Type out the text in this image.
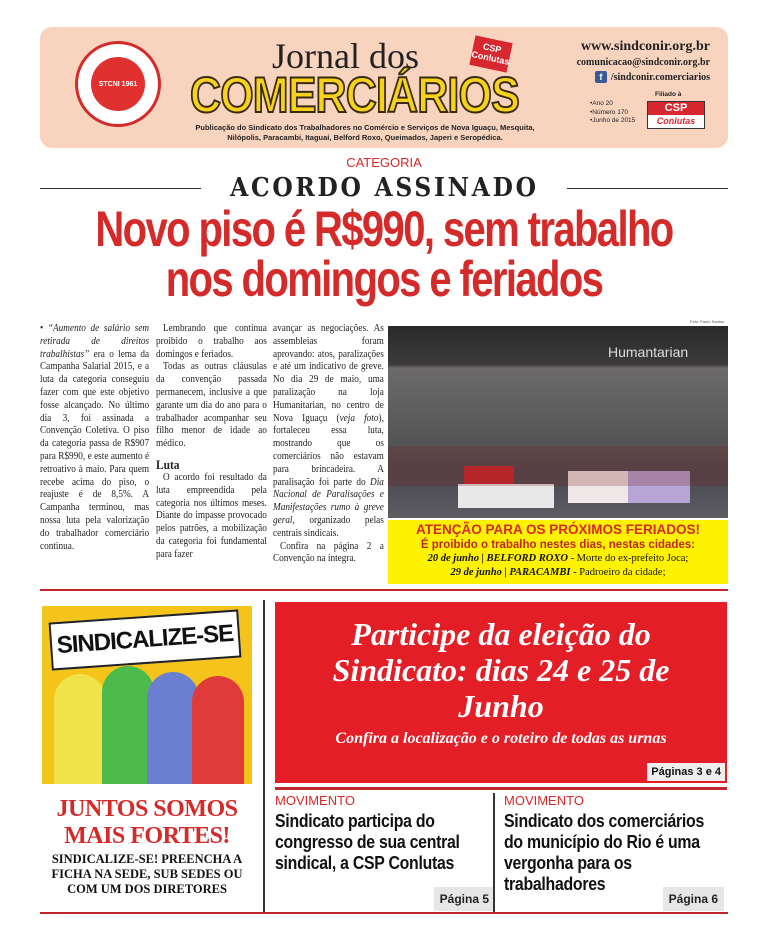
STCNI 1961
Jornal dos
COMERCIÁRIOS
CSP Conlutas
Publicação do Sindicato dos Trabalhadores no Comércio e Serviços de Nova Iguaçu, Mesquita, Nilópolis, Paracambi, Itaguaí, Belford Roxo, Queimados, Japeri e Seropédica.
www.sindconir.org.br
comunicacao@sindconir.org.br
f /sindconir.comerciarios
•Ano 20
•Número 170
•Junho de 2015
Filiado à
CSP
Conlutas
CATEGORIA
ACORDO ASSINADO
Novo piso é R$990, sem trabalho
nos domingos e feriados

• “Aumento de salário sem retirada de direitos trabalhistas” era o lema da Campanha Salarial 2015, e a luta da categoria conseguiu fazer com que este objetivo fosse alcançado. No último dia 3, foi assinada a Convenção Coletiva. O piso da categoria passa de R$907 para R$990, e este aumento é retroativo à maio. Para quem recebe acima do piso, o reajuste é de 8,5%. A Campanha terminou, mas nossa luta pela valorização do trabalhador comerciário continua.

Lembrando que continua proibido o trabalho aos domingos e feriados.

Todas as outras cláusulas da convenção passada permanecem, inclusive a que garante um dia do ano para o trabalhador acompanhar seu filho menor de idade ao médico.

Luta

O acordo foi resultado da luta empreendida pela categoria nos últimos meses. Diante do impasse provocado pelos patrões, a mobilização da categoria foi fundamental para fazer

avançar as negociações. As assembleias foram aprovando: atos, paralizações e até um indicativo de greve. No dia 29 de maio, uma paralização na loja Humanitarian, no centro de Nova Iguaçu (veja foto), fortaleceu essa luta, mostrando que os comerciários não estavam para brincadeira. A paralisação foi parte do Dia Nacional de Paralisações e Manifestações rumo à greve geral, organizado pelas centrais sindicais.

Confira na página 2 a Convenção na íntegra.

Foto: Paulo Santos
Humantarian
ATENÇÃO PARA OS PRÓXIMOS FERIADOS!
É proibido o trabalho nestes dias, nestas cidades:
20 de junho | BELFORD ROXO - Morte do ex-prefeito Joca;
29 de junho | PARACAMBI - Padroeiro da cidade;
SINDICALIZE-SE
JUNTOS SOMOS MAIS FORTES!
SINDICALIZE-SE! PREENCHA A FICHA NA SEDE, SUB SEDES OU COM UM DOS DIRETORES
Participe da eleição do Sindicato: dias 24 e 25 de Junho
Confira a localização e o roteiro de todas as urnas
Páginas 3 e 4
MOVIMENTO
Sindicato participa do congresso de sua central sindical, a CSP Conlutas
Página 5
MOVIMENTO
Sindicato dos comerciários do município do Rio é uma vergonha para os trabalhadores
Página 6
